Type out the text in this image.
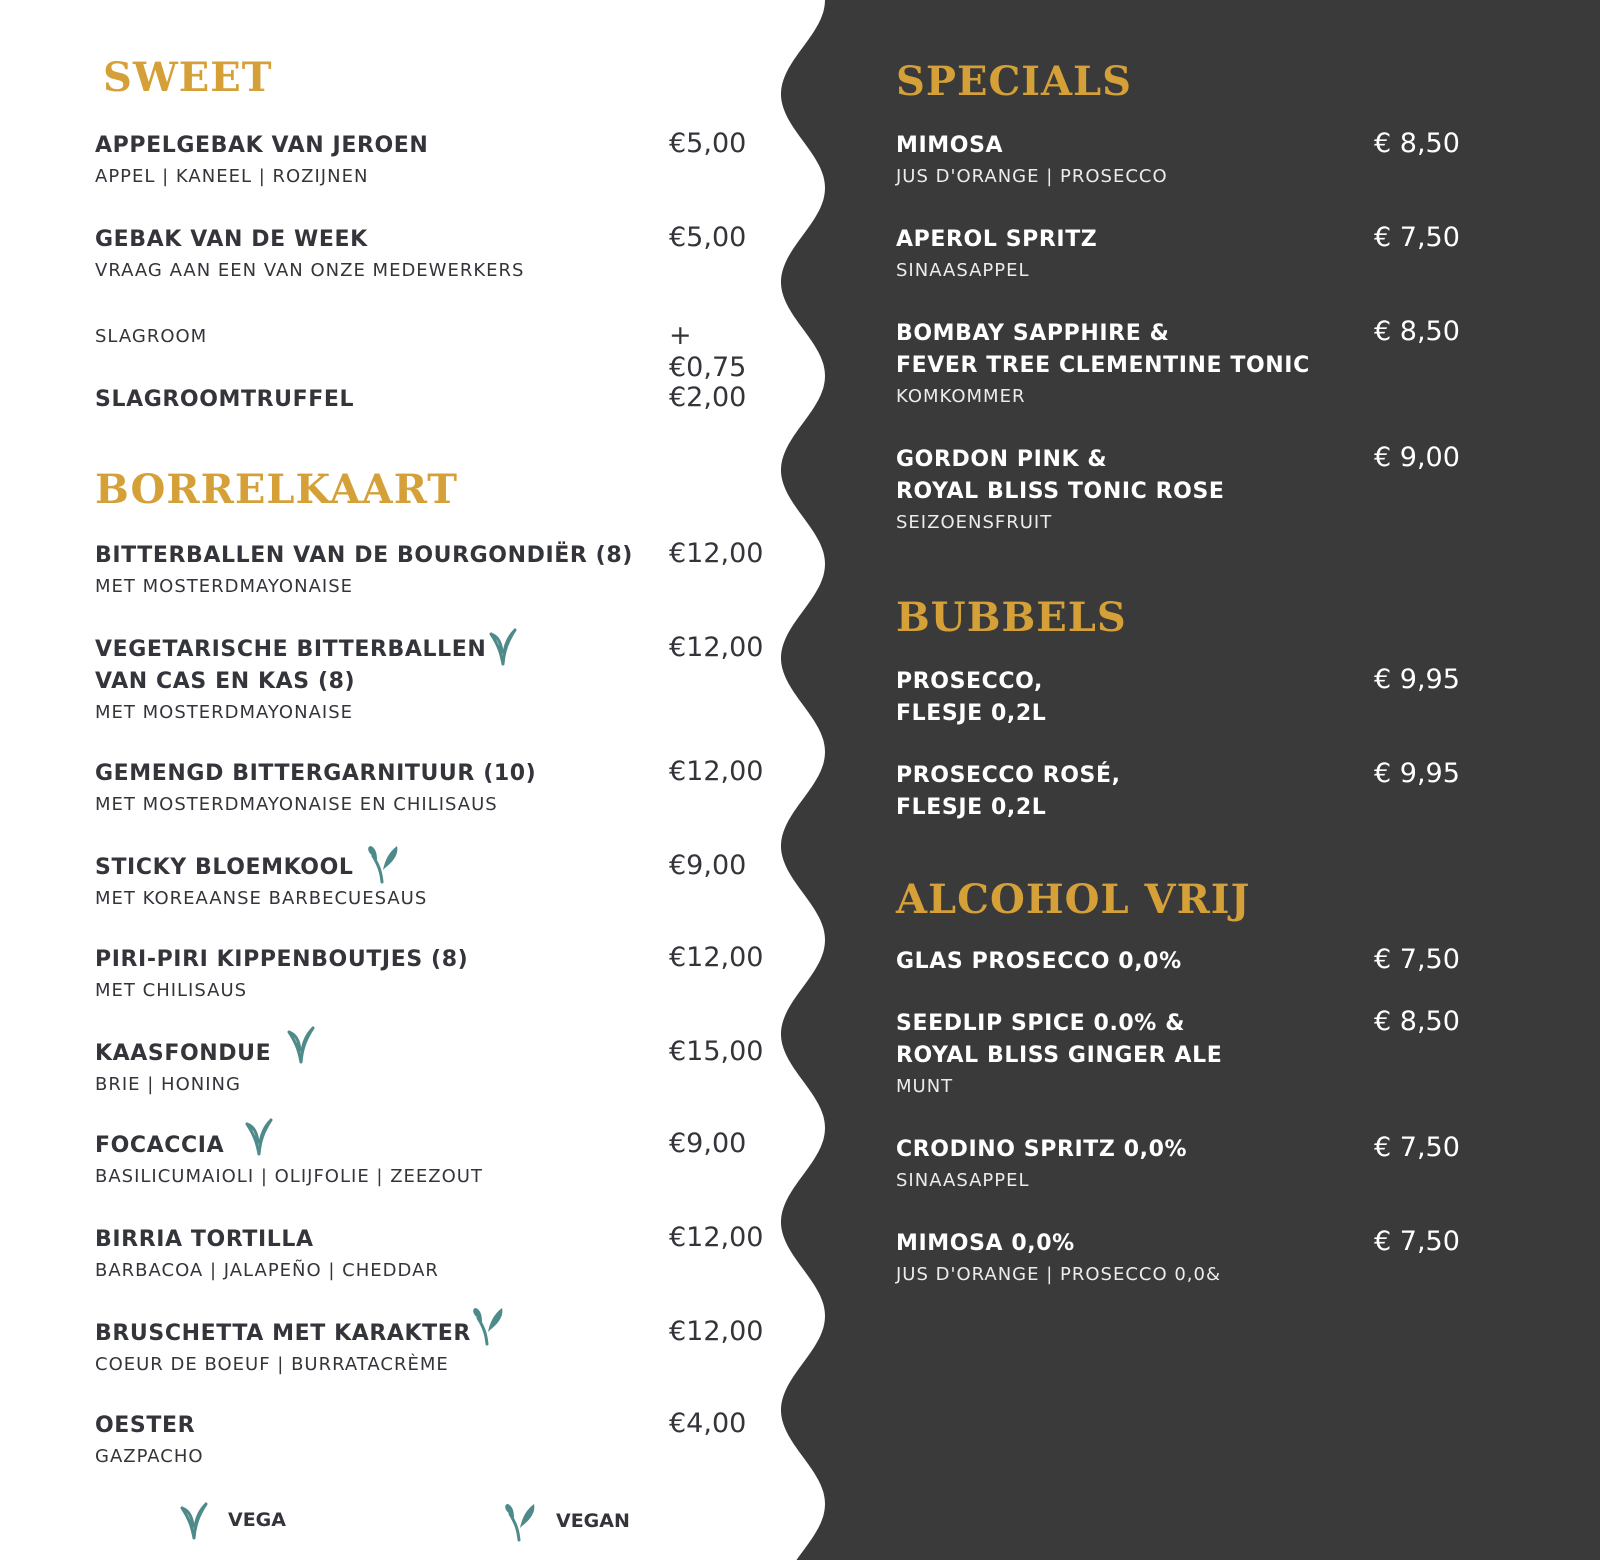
SWEET
APPELGEBAK VAN JEROEN
APPEL | KANEEL | ROZIJNEN
€5,00
GEBAK VAN DE WEEK
VRAAG AAN EEN VAN ONZE MEDEWERKERS
€5,00
SLAGROOM	+€0,75
SLAGROOMTRUFFEL	€2,00
BORRELKAART
BITTERBALLEN VAN DE BOURGONDIËR (8)
MET MOSTERDMAYONAISE
€12,00
VEGETARISCHE BITTERBALLEN
VAN CAS EN KAS (8)
MET MOSTERDMAYONAISE
€12,00
GEMENGD BITTERGARNITUUR (10)
MET MOSTERDMAYONAISE EN CHILISAUS
€12,00
STICKY BLOEMKOOL
MET KOREAANSE BARBECUESAUS
€9,00
PIRI-PIRI KIPPENBOUTJES (8)
MET CHILISAUS
€12,00
KAASFONDUE
BRIE | HONING
€15,00
FOCACCIA
BASILICUMAIOLI | OLIJFOLIE | ZEEZOUT
€9,00
BIRRIA TORTILLA
BARBACOA | JALAPEÑO | CHEDDAR
€12,00
BRUSCHETTA MET KARAKTER
COEUR DE BOEUF | BURRATACRÈME
€12,00
OESTER
GAZPACHO
€4,00
VEGA	VEGAN
SPECIALS
MIMOSA
JUS D'ORANGE | PROSECCO
€ 8,50
APEROL SPRITZ
SINAASAPPEL
€ 7,50
BOMBAY SAPPHIRE &
FEVER TREE CLEMENTINE TONIC
KOMKOMMER
€ 8,50
GORDON PINK &
ROYAL BLISS TONIC ROSE
SEIZOENSFRUIT
€ 9,00
BUBBELS
PROSECCO,
FLESJE 0,2L
€ 9,95
PROSECCO ROSÉ,
FLESJE 0,2L
€ 9,95
ALCOHOL VRIJ
GLAS PROSECCO 0,0%	€ 7,50
SEEDLIP SPICE 0.0% &
ROYAL BLISS GINGER ALE
MUNT
€ 8,50
CRODINO SPRITZ 0,0%
SINAASAPPEL
€ 7,50
MIMOSA 0,0%
JUS D'ORANGE | PROSECCO 0,0&
€ 7,50
